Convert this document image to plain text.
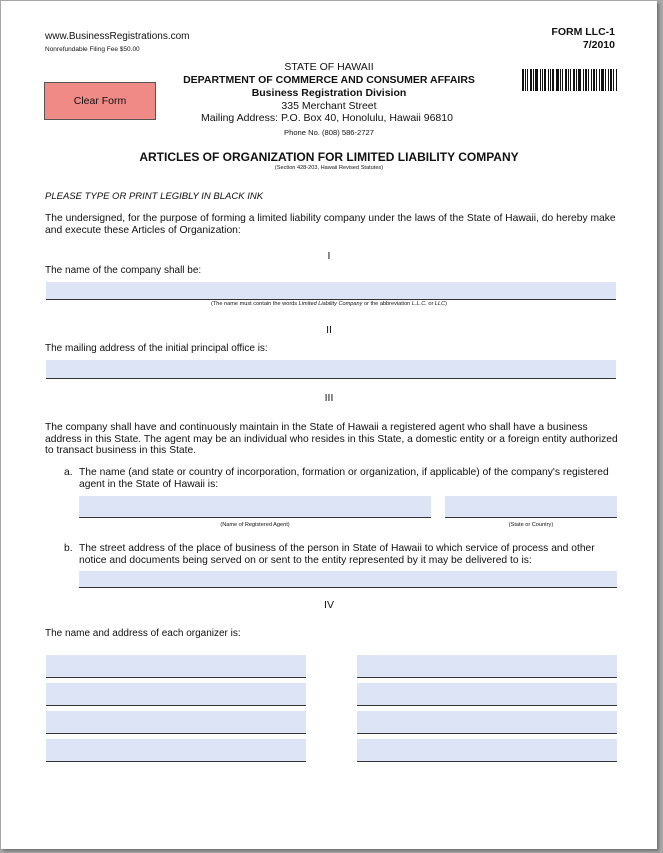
www.BusinessRegistrations.com
Nonrefundable Filing Fee $50.00
FORM LLC-1
7/2010
Clear Form
STATE OF HAWAII
DEPARTMENT OF COMMERCE AND CONSUMER AFFAIRS
Business Registration Division
335 Merchant Street
Mailing Address: P.O. Box 40, Honolulu, Hawaii 96810
Phone No. (808) 586-2727
ARTICLES OF ORGANIZATION FOR LIMITED LIABILITY COMPANY
(Section 428-203, Hawaii Revised Statutes)
PLEASE TYPE OR PRINT LEGIBLY IN BLACK INK
The undersigned, for the purpose of forming a limited liability company under the laws of the State of Hawaii, do hereby make and execute these Articles of Organization:
I
The name of the company shall be:
(The name must contain the words Limited Liability Company or the abbreviation L.L.C. or LLC)
II
The mailing address of the initial principal office is:
III
The company shall have and continuously maintain in the State of Hawaii a registered agent who shall have a business address in this State. The agent may be an individual who resides in this State, a domestic entity or a foreign entity authorized to transact business in this State.
a. The name (and state or country of incorporation, formation or organization, if applicable) of the company's registered agent in the State of Hawaii is:
(Name of Registered Agent)	(State or Country)
b. The street address of the place of business of the person in State of Hawaii to which service of process and other notice and documents being served on or sent to the entity represented by it may be delivered to is:
IV
The name and address of each organizer is:
